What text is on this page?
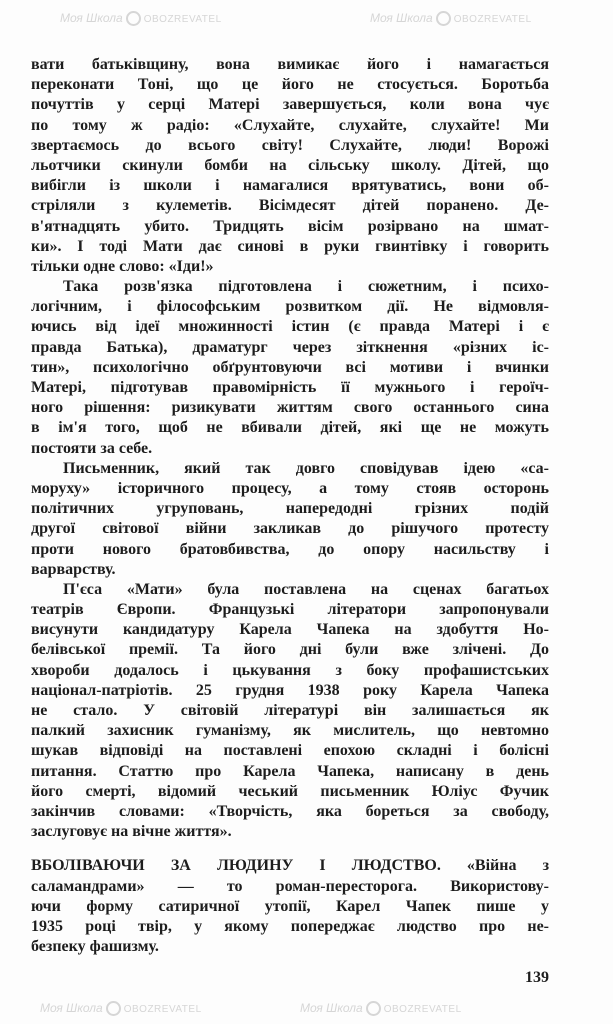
Моя Школа OBOZREVATEL	Моя Школа OBOZREVATEL
Моя Школа OBOZREVATEL	Моя Школа OBOZREVATEL
вати батьківщину, вона вимикає його і намагається
переконати Тоні, що це його не стосується. Боротьба
почуттів у серці Матері завершується, коли вона чує
по тому ж радіо: «Слухайте, слухайте, слухайте! Ми
звертаємось до всього світу! Слухайте, люди! Ворожі
льотчики скинули бомби на сільську школу. Дітей, що
вибігли із школи і намагалися врятуватись, вони об-
стріляли з кулеметів. Вісімдесят дітей поранено. Де-
в'ятнадцять убито. Тридцять вісім розірвано на шмат-
ки». І тоді Мати дає синові в руки гвинтівку і говорить
тільки одне слово: «Іди!»
Така розв'язка підготовлена і сюжетним, і психо-
логічним, і філософським розвитком дії. Не відмовля-
ючись від ідеї множинності істин (є правда Матері і є
правда Батька), драматург через зіткнення «різних іс-
тин», психологічно обґрунтовуючи всі мотиви і вчинки
Матері, підготував правомірність її мужнього і героїч-
ного рішення: ризикувати життям свого останнього сина
в ім'я того, щоб не вбивали дітей, які ще не можуть
постояти за себе.
Письменник, який так довго сповідував ідею «са-
моруху» історичного процесу, а тому стояв осторонь
політичних угруповань, напередодні грізних подій
другої світової війни закликав до рішучого протесту
проти нового братовбивства, до опору насильству і
варварству.
П'єса «Мати» була поставлена на сценах багатьох
театрів Європи. Французькі літератори запропонували
висунути кандидатуру Карела Чапека на здобуття Но-
белівської премії. Та його дні були вже злічені. До
хвороби додалось і цькування з боку профашистських
націонал-патріотів. 25 грудня 1938 року Карела Чапека
не стало. У світовій літературі він залишається як
палкий захисник гуманізму, як мислитель, що невтомно
шукав відповіді на поставлені епохою складні і болісні
питання. Статтю про Карела Чапека, написану в день
його смерті, відомий чеський письменник Юліус Фучик
закінчив словами: «Творчість, яка бореться за свободу,
заслуговує на вічне життя».
ВБОЛІВАЮЧИ ЗА ЛЮДИНУ І ЛЮДСТВО. «Війна з
саламандрами» — то роман-пересторога. Використову-
ючи форму сатиричної утопії, Карел Чапек пише у
1935 році твір, у якому попереджає людство про не-
безпеку фашизму.
139
